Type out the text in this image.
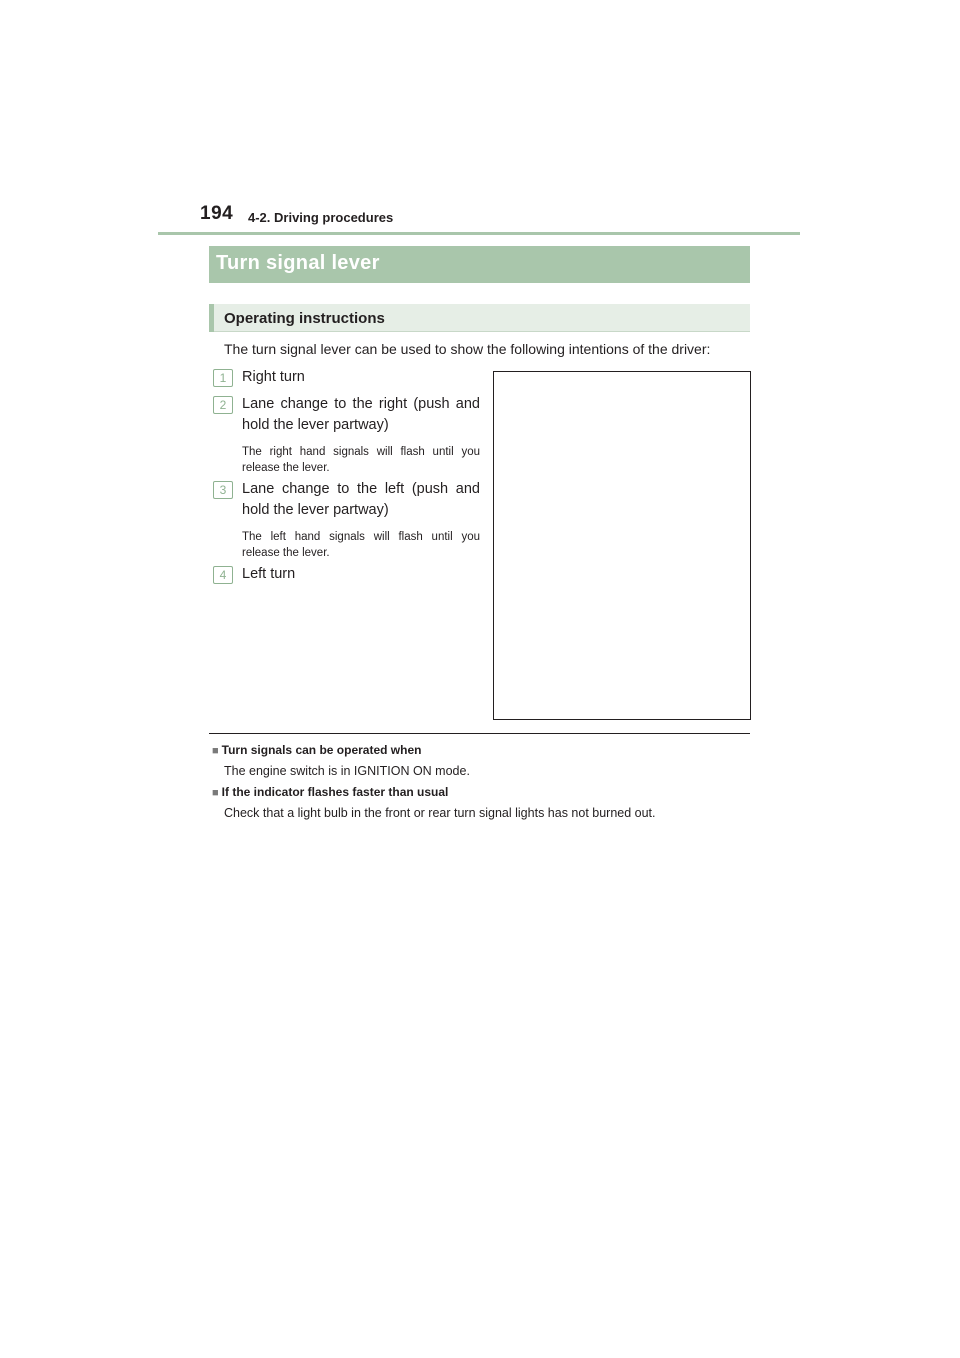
194 4-2. Driving procedures
Turn signal lever
Operating instructions
The turn signal lever can be used to show the following intentions of the driver:
1	Right turn
2	Lane change to the right (push and hold the lever partway)
The right hand signals will flash until you release the lever.
3	Lane change to the left (push and hold the lever partway)
The left hand signals will flash until you release the lever.
4	Left turn
■ Turn signals can be operated when
The engine switch is in IGNITION ON mode.
■ If the indicator flashes faster than usual
Check that a light bulb in the front or rear turn signal lights has not burned out.
